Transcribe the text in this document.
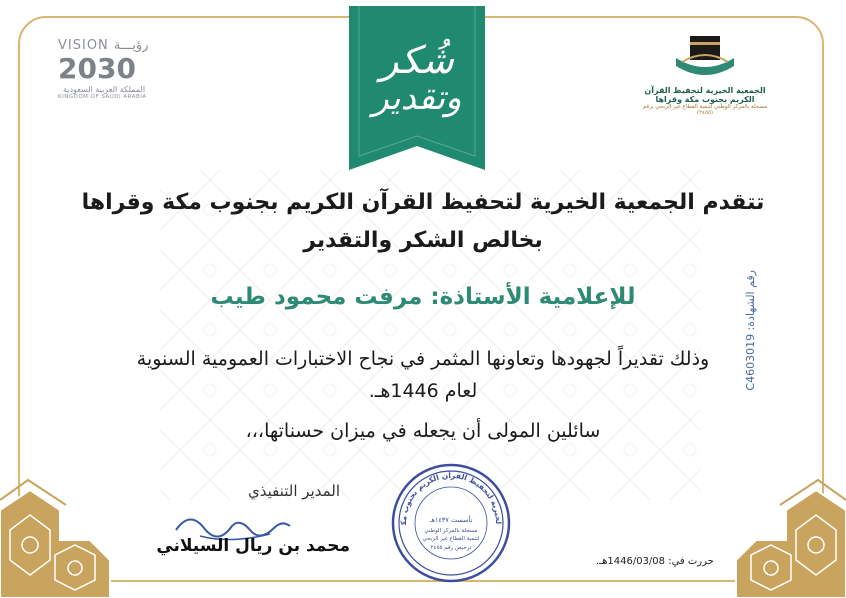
VISION رؤيـــة
2030
المملكة العربية السعودية
KINGDOM OF SAUDI ARABIA
شُكر
وتقدير	الجمعية الخيرية لتحفيظ القرآن الكريم بجنوب مكة وقراها
مسجلة بالمركز الوطني لتنمية القطاع غير الربحي برقم (٢٤٥٥)
تتقدم الجمعية الخيرية لتحفيظ القرآن الكريم بجنوب مكة وقراها
بخالص الشكر والتقدير
للإعلامية الأستاذة: مرفت محمود طيب
وذلك تقديراً لجهودها وتعاونها المثمر في نجاح الاختبارات العمومية السنوية
لعام 1446هـ.
سائلين المولى أن يجعله في ميزان حسناتها،،،
رقم الشهادة: C4603019
المدير التنفيذي
محمد بن ريال السيلاني
لخيرية لتحفيظ القرآن الكريم بجنوب مك	تأسست ١٤٣٧هـ
مسجلة بالمركز الوطني
لتنمية القطاع غير الربحي
ترخيص رقم ٢٤٥٥
حررت في: 1446/03/08هـ.
